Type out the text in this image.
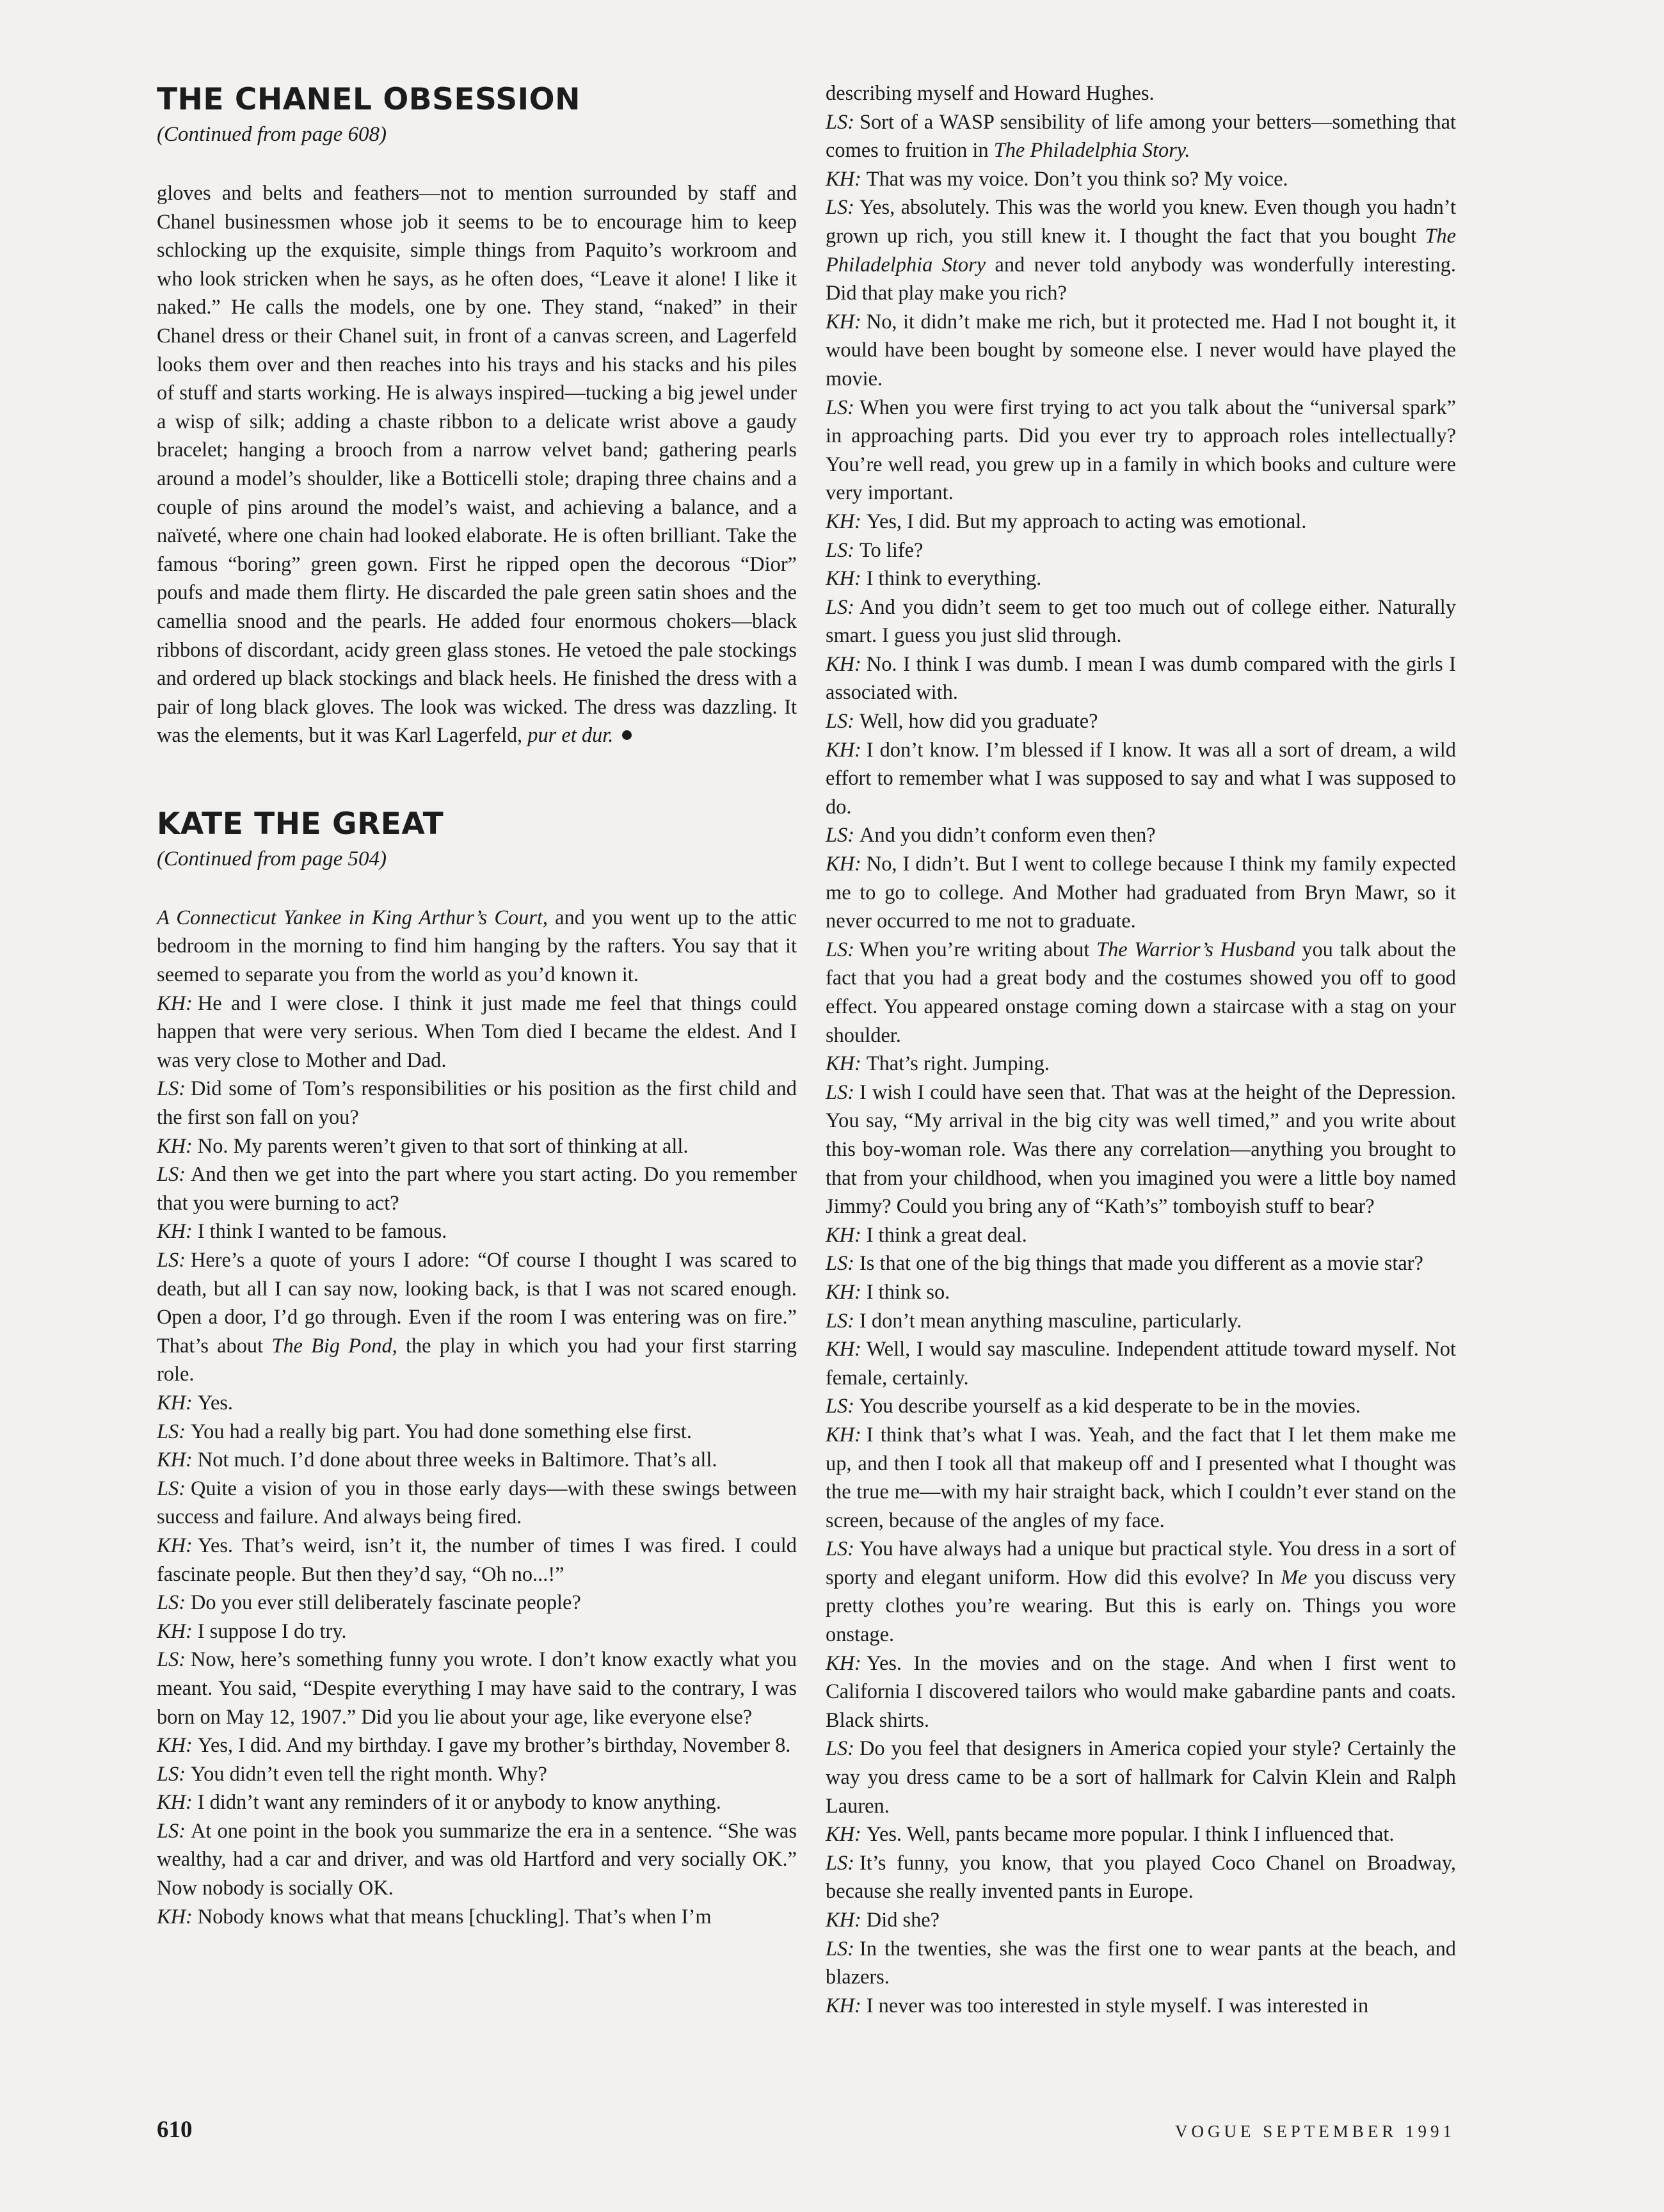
THE CHANEL OBSESSION

(Continued from page 608)

gloves and belts and feathers—not to mention surrounded by staff and Chanel businessmen whose job it seems to be to encourage him to keep schlocking up the exquisite, simple things from Paquito’s workroom and who look stricken when he says, as he often does, “Leave it alone! I like it naked.” He calls the models, one by one. They stand, “naked” in their Chanel dress or their Chanel suit, in front of a canvas screen, and Lagerfeld looks them over and then reaches into his trays and his stacks and his piles of stuff and starts working. He is always inspired—tucking a big jewel under a wisp of silk; adding a chaste ribbon to a delicate wrist above a gaudy bracelet; hanging a brooch from a narrow velvet band; gathering pearls around a model’s shoulder, like a Botticelli stole; draping three chains and a couple of pins around the model’s waist, and achieving a balance, and a naïveté, where one chain had looked elaborate. He is often brilliant. Take the famous “boring” green gown. First he ripped open the decorous “Dior” poufs and made them flirty. He discarded the pale green satin shoes and the camellia snood and the pearls. He added four enormous chokers—black ribbons of discordant, acidy green glass stones. He vetoed the pale stockings and ordered up black stockings and black heels. He finished the dress with a pair of long black gloves. The look was wicked. The dress was dazzling. It was the elements, but it was Karl Lagerfeld, pur et dur.

KATE THE GREAT

(Continued from page 504)

A Connecticut Yankee in King Arthur’s Court, and you went up to the attic bedroom in the morning to find him hanging by the rafters. You say that it seemed to separate you from the world as you’d known it.

KH: He and I were close. I think it just made me feel that things could happen that were very serious. When Tom died I became the eldest. And I was very close to Mother and Dad.

LS: Did some of Tom’s responsibilities or his position as the first child and the first son fall on you?

KH: No. My parents weren’t given to that sort of thinking at all.

LS: And then we get into the part where you start acting. Do you remember that you were burning to act?

KH: I think I wanted to be famous.

LS: Here’s a quote of yours I adore: “Of course I thought I was scared to death, but all I can say now, looking back, is that I was not scared enough. Open a door, I’d go through. Even if the room I was entering was on fire.” That’s about The Big Pond, the play in which you had your first starring role.

KH: Yes.

LS: You had a really big part. You had done something else first.

KH: Not much. I’d done about three weeks in Baltimore. That’s all.

LS: Quite a vision of you in those early days—with these swings between success and failure. And always being fired.

KH: Yes. That’s weird, isn’t it, the number of times I was fired. I could fascinate people. But then they’d say, “Oh no...!”

LS: Do you ever still deliberately fascinate people?

KH: I suppose I do try.

LS: Now, here’s something funny you wrote. I don’t know exactly what you meant. You said, “Despite everything I may have said to the contrary, I was born on May 12, 1907.” Did you lie about your age, like everyone else?

KH: Yes, I did. And my birthday. I gave my brother’s birthday, November 8.

LS: You didn’t even tell the right month. Why?

KH: I didn’t want any reminders of it or anybody to know anything.

LS: At one point in the book you summarize the era in a sentence. “She was wealthy, had a car and driver, and was old Hartford and very socially OK.” Now nobody is socially OK.

KH: Nobody knows what that means [chuckling]. That’s when I’m

describing myself and Howard Hughes.

LS: Sort of a WASP sensibility of life among your betters—something that comes to fruition in The Philadelphia Story.

KH: That was my voice. Don’t you think so? My voice.

LS: Yes, absolutely. This was the world you knew. Even though you hadn’t grown up rich, you still knew it. I thought the fact that you bought The Philadelphia Story and never told anybody was wonderfully interesting. Did that play make you rich?

KH: No, it didn’t make me rich, but it protected me. Had I not bought it, it would have been bought by someone else. I never would have played the movie.

LS: When you were first trying to act you talk about the “universal spark” in approaching parts. Did you ever try to approach roles intellectually? You’re well read, you grew up in a family in which books and culture were very important.

KH: Yes, I did. But my approach to acting was emotional.

LS: To life?

KH: I think to everything.

LS: And you didn’t seem to get too much out of college either. Naturally smart. I guess you just slid through.

KH: No. I think I was dumb. I mean I was dumb compared with the girls I associated with.

LS: Well, how did you graduate?

KH: I don’t know. I’m blessed if I know. It was all a sort of dream, a wild effort to remember what I was supposed to say and what I was supposed to do.

LS: And you didn’t conform even then?

KH: No, I didn’t. But I went to college because I think my family expected me to go to college. And Mother had graduated from Bryn Mawr, so it never occurred to me not to graduate.

LS: When you’re writing about The Warrior’s Husband you talk about the fact that you had a great body and the costumes showed you off to good effect. You appeared onstage coming down a staircase with a stag on your shoulder.

KH: That’s right. Jumping.

LS: I wish I could have seen that. That was at the height of the Depression. You say, “My arrival in the big city was well timed,” and you write about this boy-woman role. Was there any correlation—anything you brought to that from your childhood, when you imagined you were a little boy named Jimmy? Could you bring any of “Kath’s” tomboyish stuff to bear?

KH: I think a great deal.

LS: Is that one of the big things that made you different as a movie star?

KH: I think so.

LS: I don’t mean anything masculine, particularly.

KH: Well, I would say masculine. Independent attitude toward myself. Not female, certainly.

LS: You describe yourself as a kid desperate to be in the movies.

KH: I think that’s what I was. Yeah, and the fact that I let them make me up, and then I took all that makeup off and I presented what I thought was the true me—with my hair straight back, which I couldn’t ever stand on the screen, because of the angles of my face.

LS: You have always had a unique but practical style. You dress in a sort of sporty and elegant uniform. How did this evolve? In Me you discuss very pretty clothes you’re wearing. But this is early on. Things you wore onstage.

KH: Yes. In the movies and on the stage. And when I first went to California I discovered tailors who would make gabardine pants and coats. Black shirts.

LS: Do you feel that designers in America copied your style? Certainly the way you dress came to be a sort of hallmark for Calvin Klein and Ralph Lauren.

KH: Yes. Well, pants became more popular. I think I influenced that.

LS: It’s funny, you know, that you played Coco Chanel on Broadway, because she really invented pants in Europe.

KH: Did she?

LS: In the twenties, she was the first one to wear pants at the beach, and blazers.

KH: I never was too interested in style myself. I was interested in

610	VOGUE SEPTEMBER 1991
